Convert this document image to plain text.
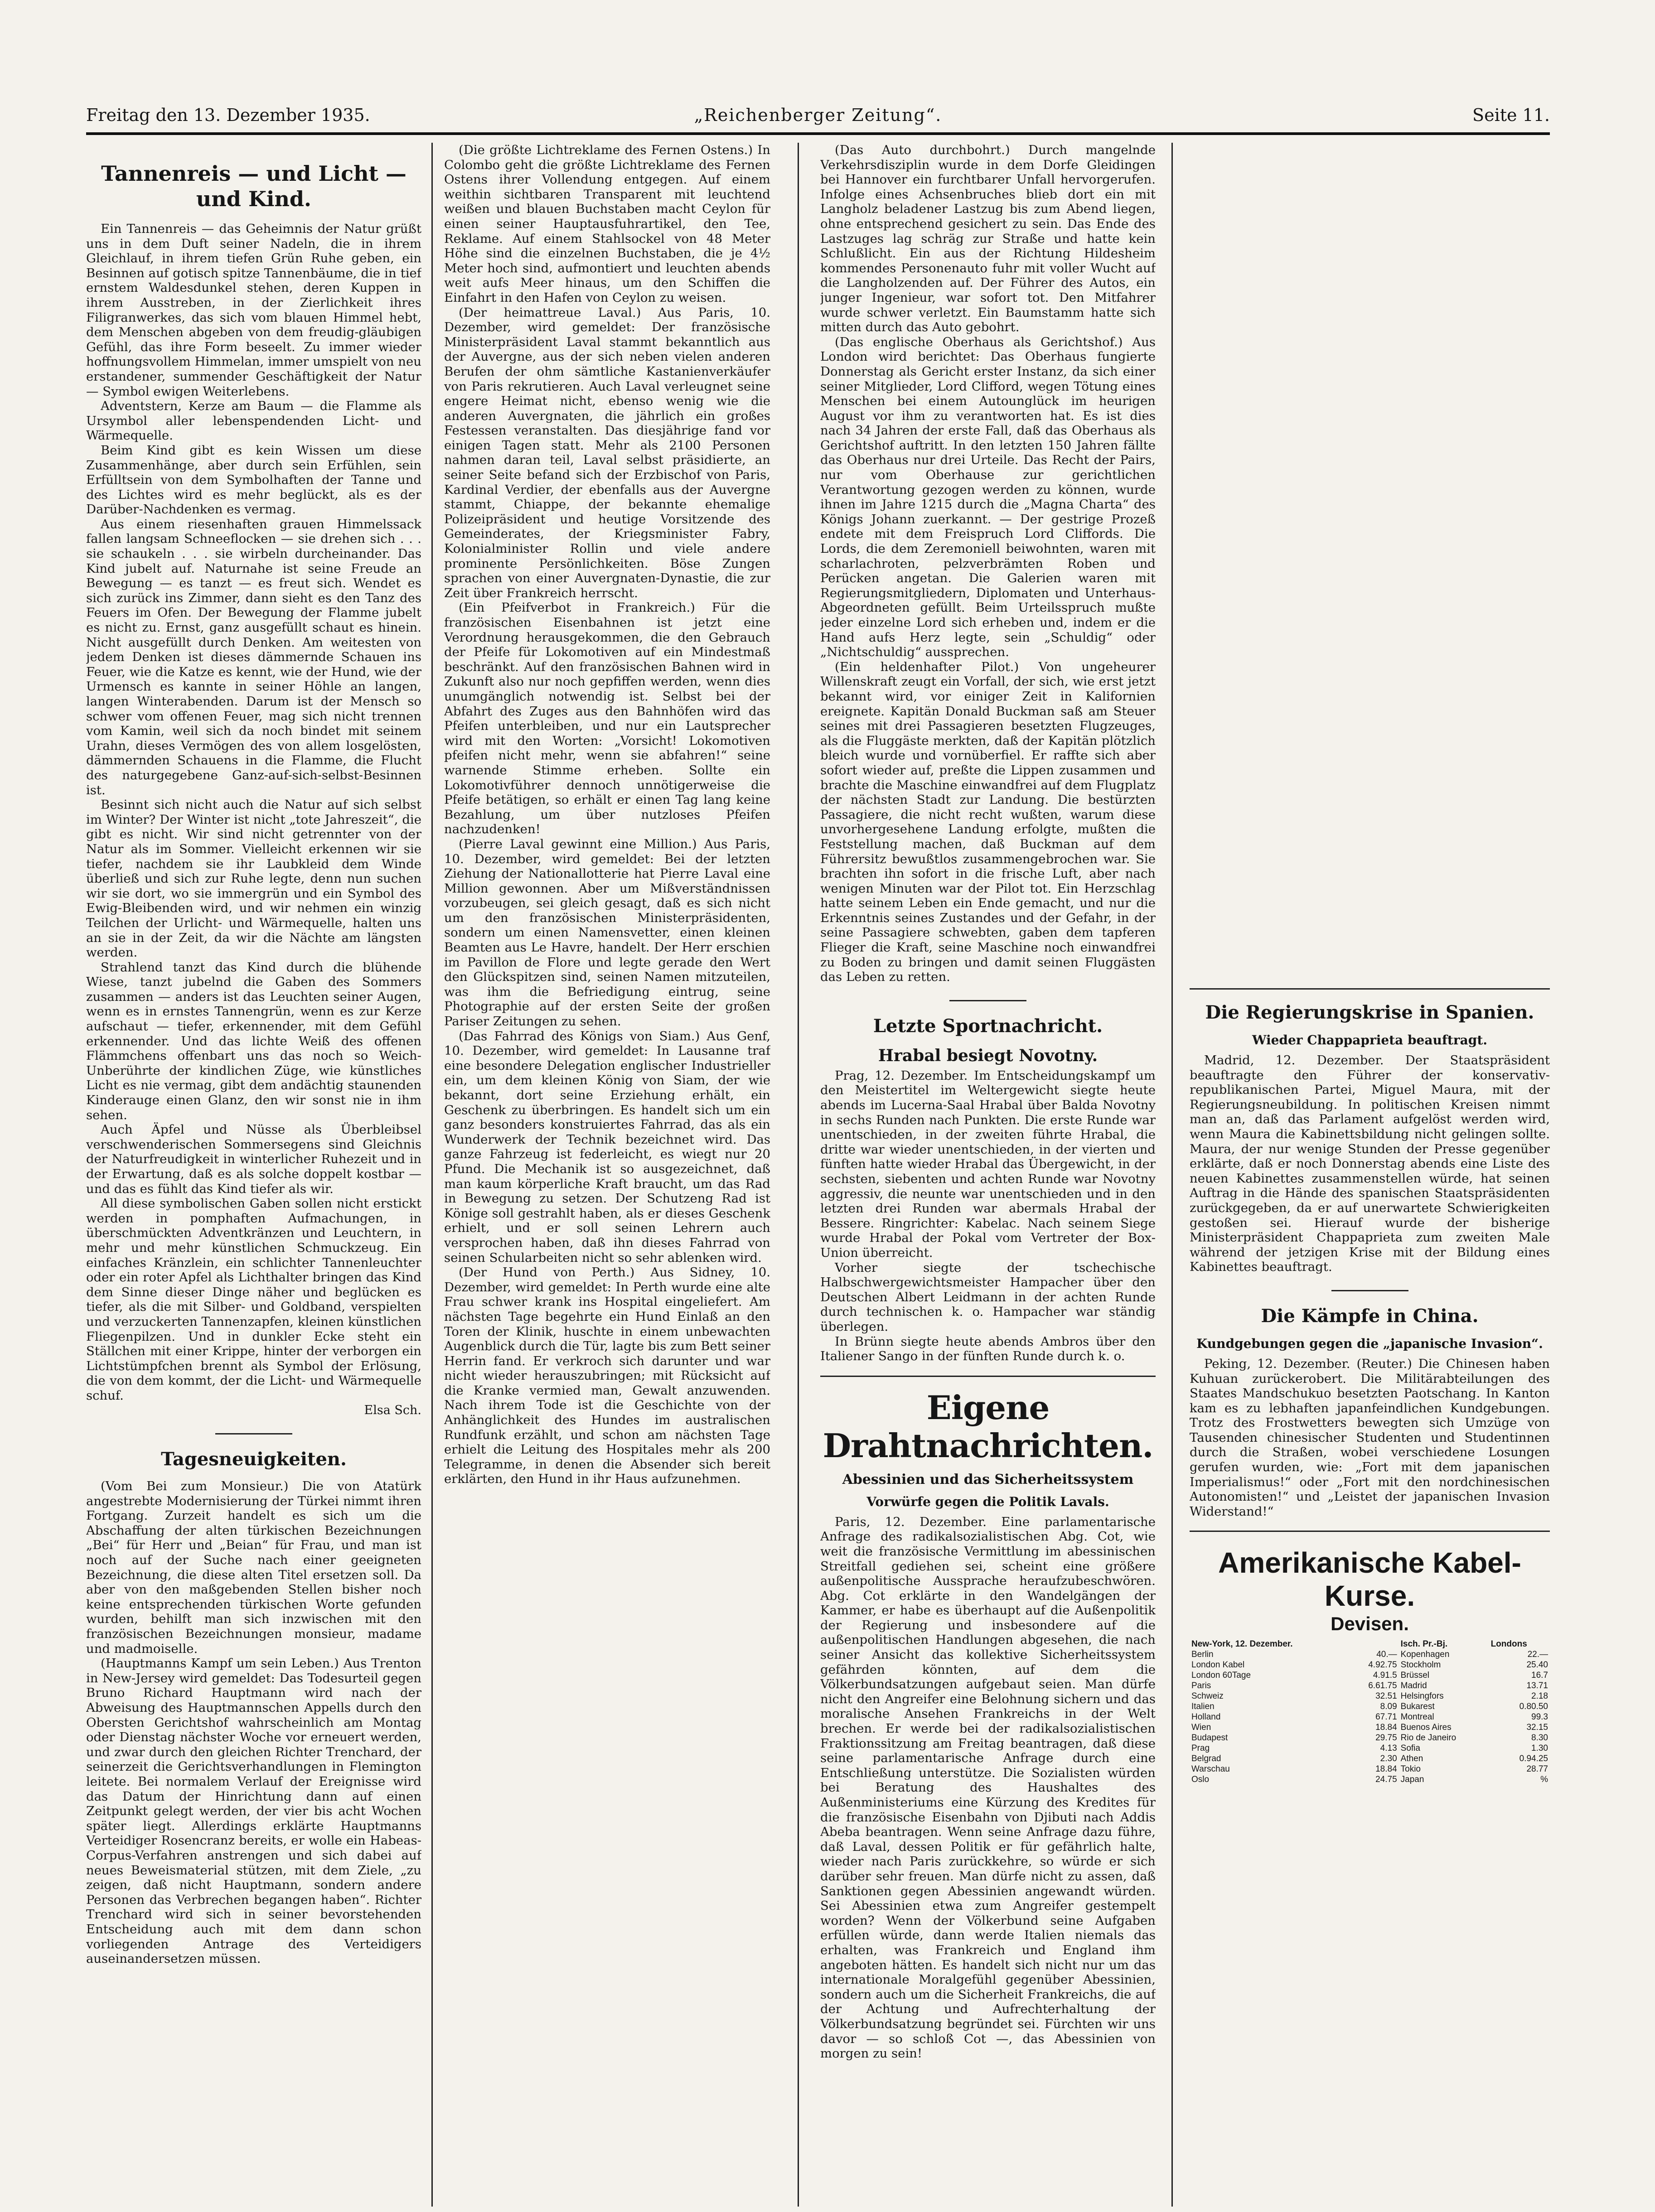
Freitag den 13. Dezember 1935.	„Reichenberger Zeitung“.	Seite 11.
Tannenreis — und Licht — und Kind.

Ein Tannenreis — das Geheimnis der Natur grüßt uns in dem Duft seiner Nadeln, die in ihrem Gleichlauf, in ihrem tiefen Grün Ruhe geben, ein Besinnen auf gotisch spitze Tannenbäume, die in tief ernstem Waldesdunkel stehen, deren Kuppen in ihrem Ausstreben, in der Zierlichkeit ihres Filigranwerkes, das sich vom blauen Himmel hebt, dem Menschen abgeben von dem freudig-gläubigen Gefühl, das ihre Form beseelt. Zu immer wieder hoffnungsvollem Himmelan, immer umspielt von neu erstandener, summender Geschäftigkeit der Natur — Symbol ewigen Weiterlebens.

Adventstern, Kerze am Baum — die Flamme als Ursymbol aller lebenspendenden Licht- und Wärmequelle.

Beim Kind gibt es kein Wissen um diese Zusammenhänge, aber durch sein Erfühlen, sein Erfülltsein von dem Symbolhaften der Tanne und des Lichtes wird es mehr beglückt, als es der Darüber-Nachdenken es vermag.

Aus einem riesenhaften grauen Himmelssack fallen langsam Schneeflocken — sie drehen sich . . . sie schaukeln . . . sie wirbeln durcheinander. Das Kind jubelt auf. Naturnahe ist seine Freude an Bewegung — es tanzt — es freut sich. Wendet es sich zurück ins Zimmer, dann sieht es den Tanz des Feuers im Ofen. Der Bewegung der Flamme jubelt es nicht zu. Ernst, ganz ausgefüllt schaut es hinein. Nicht ausgefüllt durch Denken. Am weitesten von jedem Denken ist dieses dämmernde Schauen ins Feuer, wie die Katze es kennt, wie der Hund, wie der Urmensch es kannte in seiner Höhle an langen, langen Winterabenden. Darum ist der Mensch so schwer vom offenen Feuer, mag sich nicht trennen vom Kamin, weil sich da noch bindet mit seinem Urahn, dieses Vermögen des von allem losgelösten, dämmernden Schauens in die Flamme, die Flucht des naturgegebene Ganz-auf-sich-selbst-Besinnen ist.

Besinnt sich nicht auch die Natur auf sich selbst im Winter? Der Winter ist nicht „tote Jahreszeit“, die gibt es nicht. Wir sind nicht getrennter von der Natur als im Sommer. Vielleicht erkennen wir sie tiefer, nachdem sie ihr Laubkleid dem Winde überließ und sich zur Ruhe legte, denn nun suchen wir sie dort, wo sie immergrün und ein Symbol des Ewig-Bleibenden wird, und wir nehmen ein winzig Teilchen der Urlicht- und Wärmequelle, halten uns an sie in der Zeit, da wir die Nächte am längsten werden.

Strahlend tanzt das Kind durch die blühende Wiese, tanzt jubelnd die Gaben des Sommers zusammen — anders ist das Leuchten seiner Augen, wenn es in ernstes Tannengrün, wenn es zur Kerze aufschaut — tiefer, erkennender, mit dem Gefühl erkennender. Und das lichte Weiß des offenen Flämmchens offenbart uns das noch so Weich-Unberührte der kindlichen Züge, wie künstliches Licht es nie vermag, gibt dem andächtig staunenden Kinderauge einen Glanz, den wir sonst nie in ihm sehen.

Auch Äpfel und Nüsse als Überbleibsel verschwenderischen Sommersegens sind Gleichnis der Naturfreudigkeit in winterlicher Ruhezeit und in der Erwartung, daß es als solche doppelt kostbar — und das es fühlt das Kind tiefer als wir.

All diese symbolischen Gaben sollen nicht erstickt werden in pomphaften Aufmachungen, in überschmückten Adventkränzen und Leuchtern, in mehr und mehr künstlichen Schmuckzeug. Ein einfaches Kränzlein, ein schlichter Tannenleuchter oder ein roter Apfel als Lichthalter bringen das Kind dem Sinne dieser Dinge näher und beglücken es tiefer, als die mit Silber- und Goldband, verspielten und verzuckerten Tannenzapfen, kleinen künstlichen Fliegenpilzen. Und in dunkler Ecke steht ein Ställchen mit einer Krippe, hinter der verborgen ein Lichtstümpfchen brennt als Symbol der Erlösung, die von dem kommt, der die Licht- und Wärmequelle schuf.

Elsa Sch.
Tagesneuigkeiten.

(Vom Bei zum Monsieur.) Die von Atatürk angestrebte Modernisierung der Türkei nimmt ihren Fortgang. Zurzeit handelt es sich um die Abschaffung der alten türkischen Bezeichnungen „Bei“ für Herr und „Beian“ für Frau, und man ist noch auf der Suche nach einer geeigneten Bezeichnung, die diese alten Titel ersetzen soll. Da aber von den maßgebenden Stellen bisher noch keine entsprechenden türkischen Worte gefunden wurden, behilft man sich inzwischen mit den französischen Bezeichnungen monsieur, madame und madmoiselle.

(Hauptmanns Kampf um sein Leben.) Aus Trenton in New-Jersey wird gemeldet: Das Todesurteil gegen Bruno Richard Hauptmann wird nach der Abweisung des Hauptmannschen Appells durch den Obersten Gerichtshof wahrscheinlich am Montag oder Dienstag nächster Woche vor erneuert werden, und zwar durch den gleichen Richter Trenchard, der seinerzeit die Gerichtsverhandlungen in Flemington leitete. Bei normalem Verlauf der Ereignisse wird das Datum der Hinrichtung dann auf einen Zeitpunkt gelegt werden, der vier bis acht Wochen später liegt. Allerdings erklärte Hauptmanns Verteidiger Rosencranz bereits, er wolle ein Habeas-Corpus-Verfahren anstrengen und sich dabei auf neues Beweismaterial stützen, mit dem Ziele, „zu zeigen, daß nicht Hauptmann, sondern andere Personen das Verbrechen begangen haben“. Richter Trenchard wird sich in seiner bevorstehenden Entscheidung auch mit dem dann schon vorliegenden Antrage des Verteidigers auseinandersetzen müssen.

(Die größte Lichtreklame des Fernen Ostens.) In Colombo geht die größte Lichtreklame des Fernen Ostens ihrer Vollendung entgegen. Auf einem weithin sichtbaren Transparent mit leuchtend weißen und blauen Buchstaben macht Ceylon für einen seiner Hauptausfuhrartikel, den Tee, Reklame. Auf einem Stahlsockel von 48 Meter Höhe sind die einzelnen Buchstaben, die je 4½ Meter hoch sind, aufmontiert und leuchten abends weit aufs Meer hinaus, um den Schiffen die Einfahrt in den Hafen von Ceylon zu weisen.

(Der heimattreue Laval.) Aus Paris, 10. Dezember, wird gemeldet: Der französische Ministerpräsident Laval stammt bekanntlich aus der Auvergne, aus der sich neben vielen anderen Berufen der ohm sämtliche Kastanienverkäufer von Paris rekrutieren. Auch Laval verleugnet seine engere Heimat nicht, ebenso wenig wie die anderen Auvergnaten, die jährlich ein großes Festessen veranstalten. Das diesjährige fand vor einigen Tagen statt. Mehr als 2100 Personen nahmen daran teil, Laval selbst präsidierte, an seiner Seite befand sich der Erzbischof von Paris, Kardinal Verdier, der ebenfalls aus der Auvergne stammt, Chiappe, der bekannte ehemalige Polizeipräsident und heutige Vorsitzende des Gemeinderates, der Kriegsminister Fabry, Kolonialminister Rollin und viele andere prominente Persönlichkeiten. Böse Zungen sprachen von einer Auvergnaten-Dynastie, die zur Zeit über Frankreich herrscht.

(Ein Pfeifverbot in Frankreich.) Für die französischen Eisenbahnen ist jetzt eine Verordnung herausgekommen, die den Gebrauch der Pfeife für Lokomotiven auf ein Mindestmaß beschränkt. Auf den französischen Bahnen wird in Zukunft also nur noch gepfiffen werden, wenn dies unumgänglich notwendig ist. Selbst bei der Abfahrt des Zuges aus den Bahnhöfen wird das Pfeifen unterbleiben, und nur ein Lautsprecher wird mit den Worten: „Vorsicht! Lokomotiven pfeifen nicht mehr, wenn sie abfahren!“ seine warnende Stimme erheben. Sollte ein Lokomotivführer dennoch unnötigerweise die Pfeife betätigen, so erhält er einen Tag lang keine Bezahlung, um über nutzloses Pfeifen nachzudenken!

(Pierre Laval gewinnt eine Million.) Aus Paris, 10. Dezember, wird gemeldet: Bei der letzten Ziehung der Nationallotterie hat Pierre Laval eine Million gewonnen. Aber um Mißverständnissen vorzubeugen, sei gleich gesagt, daß es sich nicht um den französischen Ministerpräsidenten, sondern um einen Namensvetter, einen kleinen Beamten aus Le Havre, handelt. Der Herr erschien im Pavillon de Flore und legte gerade den Wert den Glückspitzen sind, seinen Namen mitzuteilen, was ihm die Befriedigung eintrug, seine Photographie auf der ersten Seite der großen Pariser Zeitungen zu sehen.

(Das Fahrrad des Königs von Siam.) Aus Genf, 10. Dezember, wird gemeldet: In Lausanne traf eine besondere Delegation englischer Industrieller ein, um dem kleinen König von Siam, der wie bekannt, dort seine Erziehung erhält, ein Geschenk zu überbringen. Es handelt sich um ein ganz besonders konstruiertes Fahrrad, das als ein Wunderwerk der Technik bezeichnet wird. Das ganze Fahrzeug ist federleicht, es wiegt nur 20 Pfund. Die Mechanik ist so ausgezeichnet, daß man kaum körperliche Kraft braucht, um das Rad in Bewegung zu setzen. Der Schutzeng Rad ist Könige soll gestrahlt haben, als er dieses Geschenk erhielt, und er soll seinen Lehrern auch versprochen haben, daß ihn dieses Fahrrad von seinen Schularbeiten nicht so sehr ablenken wird.

(Der Hund von Perth.) Aus Sidney, 10. Dezember, wird gemeldet: In Perth wurde eine alte Frau schwer krank ins Hospital eingeliefert. Am nächsten Tage begehrte ein Hund Einlaß an den Toren der Klinik, huschte in einem unbewachten Augenblick durch die Tür, lagte bis zum Bett seiner Herrin fand. Er verkroch sich darunter und war nicht wieder herauszubringen; mit Rücksicht auf die Kranke vermied man, Gewalt anzuwenden. Nach ihrem Tode ist die Geschichte von der Anhänglichkeit des Hundes im australischen Rundfunk erzählt, und schon am nächsten Tage erhielt die Leitung des Hospitales mehr als 200 Telegramme, in denen die Absender sich bereit erklärten, den Hund in ihr Haus aufzunehmen.

(Das Auto durchbohrt.) Durch mangelnde Verkehrsdisziplin wurde in dem Dorfe Gleidingen bei Hannover ein furchtbarer Unfall hervorgerufen. Infolge eines Achsenbruches blieb dort ein mit Langholz beladener Lastzug bis zum Abend liegen, ohne entsprechend gesichert zu sein. Das Ende des Lastzuges lag schräg zur Straße und hatte kein Schlußlicht. Ein aus der Richtung Hildesheim kommendes Personenauto fuhr mit voller Wucht auf die Langholzenden auf. Der Führer des Autos, ein junger Ingenieur, war sofort tot. Den Mitfahrer wurde schwer verletzt. Ein Baumstamm hatte sich mitten durch das Auto gebohrt.

(Das englische Oberhaus als Gerichtshof.) Aus London wird berichtet: Das Oberhaus fungierte Donnerstag als Gericht erster Instanz, da sich einer seiner Mitglieder, Lord Clifford, wegen Tötung eines Menschen bei einem Autounglück im heurigen August vor ihm zu verantworten hat. Es ist dies nach 34 Jahren der erste Fall, daß das Oberhaus als Gerichtshof auftritt. In den letzten 150 Jahren fällte das Oberhaus nur drei Urteile. Das Recht der Pairs, nur vom Oberhause zur gerichtlichen Verantwortung gezogen werden zu können, wurde ihnen im Jahre 1215 durch die „Magna Charta“ des Königs Johann zuerkannt. — Der gestrige Prozeß endete mit dem Freispruch Lord Cliffords. Die Lords, die dem Zeremoniell beiwohnten, waren mit scharlachroten, pelzverbrämten Roben und Perücken angetan. Die Galerien waren mit Regierungsmitgliedern, Diplomaten und Unterhaus-Abgeordneten gefüllt. Beim Urteilsspruch mußte jeder einzelne Lord sich erheben und, indem er die Hand aufs Herz legte, sein „Schuldig“ oder „Nichtschuldig“ aussprechen.

(Ein heldenhafter Pilot.) Von ungeheurer Willenskraft zeugt ein Vorfall, der sich, wie erst jetzt bekannt wird, vor einiger Zeit in Kalifornien ereignete. Kapitän Donald Buckman saß am Steuer seines mit drei Passagieren besetzten Flugzeuges, als die Fluggäste merkten, daß der Kapitän plötzlich bleich wurde und vornüberfiel. Er raffte sich aber sofort wieder auf, preßte die Lippen zusammen und brachte die Maschine einwandfrei auf dem Flugplatz der nächsten Stadt zur Landung. Die bestürzten Passagiere, die nicht recht wußten, warum diese unvorhergesehene Landung erfolgte, mußten die Feststellung machen, daß Buckman auf dem Führersitz bewußtlos zusammengebrochen war. Sie brachten ihn sofort in die frische Luft, aber nach wenigen Minuten war der Pilot tot. Ein Herzschlag hatte seinem Leben ein Ende gemacht, und nur die Erkenntnis seines Zustandes und der Gefahr, in der seine Passagiere schwebten, gaben dem tapferen Flieger die Kraft, seine Maschine noch einwandfrei zu Boden zu bringen und damit seinen Fluggästen das Leben zu retten.

Letzte Sportnachricht.
Hrabal besiegt Novotny.

Prag, 12. Dezember. Im Entscheidungskampf um den Meistertitel im Weltergewicht siegte heute abends im Lucerna-Saal Hrabal über Balda Novotny in sechs Runden nach Punkten. Die erste Runde war unentschieden, in der zweiten führte Hrabal, die dritte war wieder unentschieden, in der vierten und fünften hatte wieder Hrabal das Übergewicht, in der sechsten, siebenten und achten Runde war Novotny aggressiv, die neunte war unentschieden und in den letzten drei Runden war abermals Hrabal der Bessere. Ringrichter: Kabelac. Nach seinem Siege wurde Hrabal der Pokal vom Vertreter der Box-Union überreicht.

Vorher siegte der tschechische Halbschwergewichtsmeister Hampacher über den Deutschen Albert Leidmann in der achten Runde durch technischen k. o. Hampacher war ständig überlegen.

In Brünn siegte heute abends Ambros über den Italiener Sango in der fünften Runde durch k. o.

Eigene Drahtnachrichten.
Abessinien und das Sicherheitssystem
Vorwürfe gegen die Politik Lavals.

Paris, 12. Dezember. Eine parlamentarische Anfrage des radikalsozialistischen Abg. Cot, wie weit die französische Vermittlung im abessinischen Streitfall gediehen sei, scheint eine größere außenpolitische Aussprache heraufzubeschwören. Abg. Cot erklärte in den Wandelgängen der Kammer, er habe es überhaupt auf die Außenpolitik der Regierung und insbesondere auf die außenpolitischen Handlungen abgesehen, die nach seiner Ansicht das kollektive Sicherheitssystem gefährden könnten, auf dem die Völkerbundsatzungen aufgebaut seien. Man dürfe nicht den Angreifer eine Belohnung sichern und das moralische Ansehen Frankreichs in der Welt brechen. Er werde bei der radikalsozialistischen Fraktionssitzung am Freitag beantragen, daß diese seine parlamentarische Anfrage durch eine Entschließung unterstütze. Die Sozialisten würden bei Beratung des Haushaltes des Außenministeriums eine Kürzung des Kredites für die französische Eisenbahn von Djibuti nach Addis Abeba beantragen. Wenn seine Anfrage dazu führe, daß Laval, dessen Politik er für gefährlich halte, wieder nach Paris zurückkehre, so würde er sich darüber sehr freuen. Man dürfe nicht zu assen, daß Sanktionen gegen Abessinien angewandt würden. Sei Abessinien etwa zum Angreifer gestempelt worden? Wenn der Völkerbund seine Aufgaben erfüllen würde, dann werde Italien niemals das erhalten, was Frankreich und England ihm angeboten hätten. Es handelt sich nicht nur um das internationale Moralgefühl gegenüber Abessinien, sondern auch um die Sicherheit Frankreichs, die auf der Achtung und Aufrechterhaltung der Völkerbundsatzung begründet sei. Fürchten wir uns davor — so schloß Cot —, das Abessinien von morgen zu sein!

Die Regierungskrise in Spanien.
Wieder Chappaprieta beauftragt.

Madrid, 12. Dezember. Der Staatspräsident beauftragte den Führer der konservativ-republikanischen Partei, Miguel Maura, mit der Regierungsneubildung. In politischen Kreisen nimmt man an, daß das Parlament aufgelöst werden wird, wenn Maura die Kabinettsbildung nicht gelingen sollte. Maura, der nur wenige Stunden der Presse gegenüber erklärte, daß er noch Donnerstag abends eine Liste des neuen Kabinettes zusammenstellen würde, hat seinen Auftrag in die Hände des spanischen Staatspräsidenten zurückgegeben, da er auf unerwartete Schwierigkeiten gestoßen sei. Hierauf wurde der bisherige Ministerpräsident Chappaprieta zum zweiten Male während der jetzigen Krise mit der Bildung eines Kabinettes beauftragt.

Die Kämpfe in China.
Kundgebungen gegen die „japanische Invasion“.

Peking, 12. Dezember. (Reuter.) Die Chinesen haben Kuhuan zurückerobert. Die Militärabteilungen des Staates Mandschukuo besetzten Paotschang. In Kanton kam es zu lebhaften japanfeindlichen Kundgebungen. Trotz des Frostwetters bewegten sich Umzüge von Tausenden chinesischer Studenten und Studentinnen durch die Straßen, wobei verschiedene Losungen gerufen wurden, wie: „Fort mit dem japanischen Imperialismus!“ oder „Fort mit den nordchinesischen Autonomisten!“ und „Leistet der japanischen Invasion Widerstand!“

Amerikanische Kabel-
Kurse.
Devisen.
New-York, 12. Dezember.		Isch. Pr.-Bj.	Londons
Berlin	40.—	Kopenhagen	22.—
London Kabel	4.92.75	Stockholm	25.40
London 60Tage	4.91.5	Brüssel	16.7
Paris	6.61.75	Madrid	13.71
Schweiz	32.51	Helsingfors	2.18
Italien	8.09	Bukarest	0.80.50
Holland	67.71	Montreal	99.3
Wien	18.84	Buenos Aires	32.15
Budapest	29.75	Rio de Janeiro	8.30
Prag	4.13	Sofia	1.30
Belgrad	2.30	Athen	0.94.25
Warschau	18.84	Tokio	28.77
Oslo	24.75	Japan	%
